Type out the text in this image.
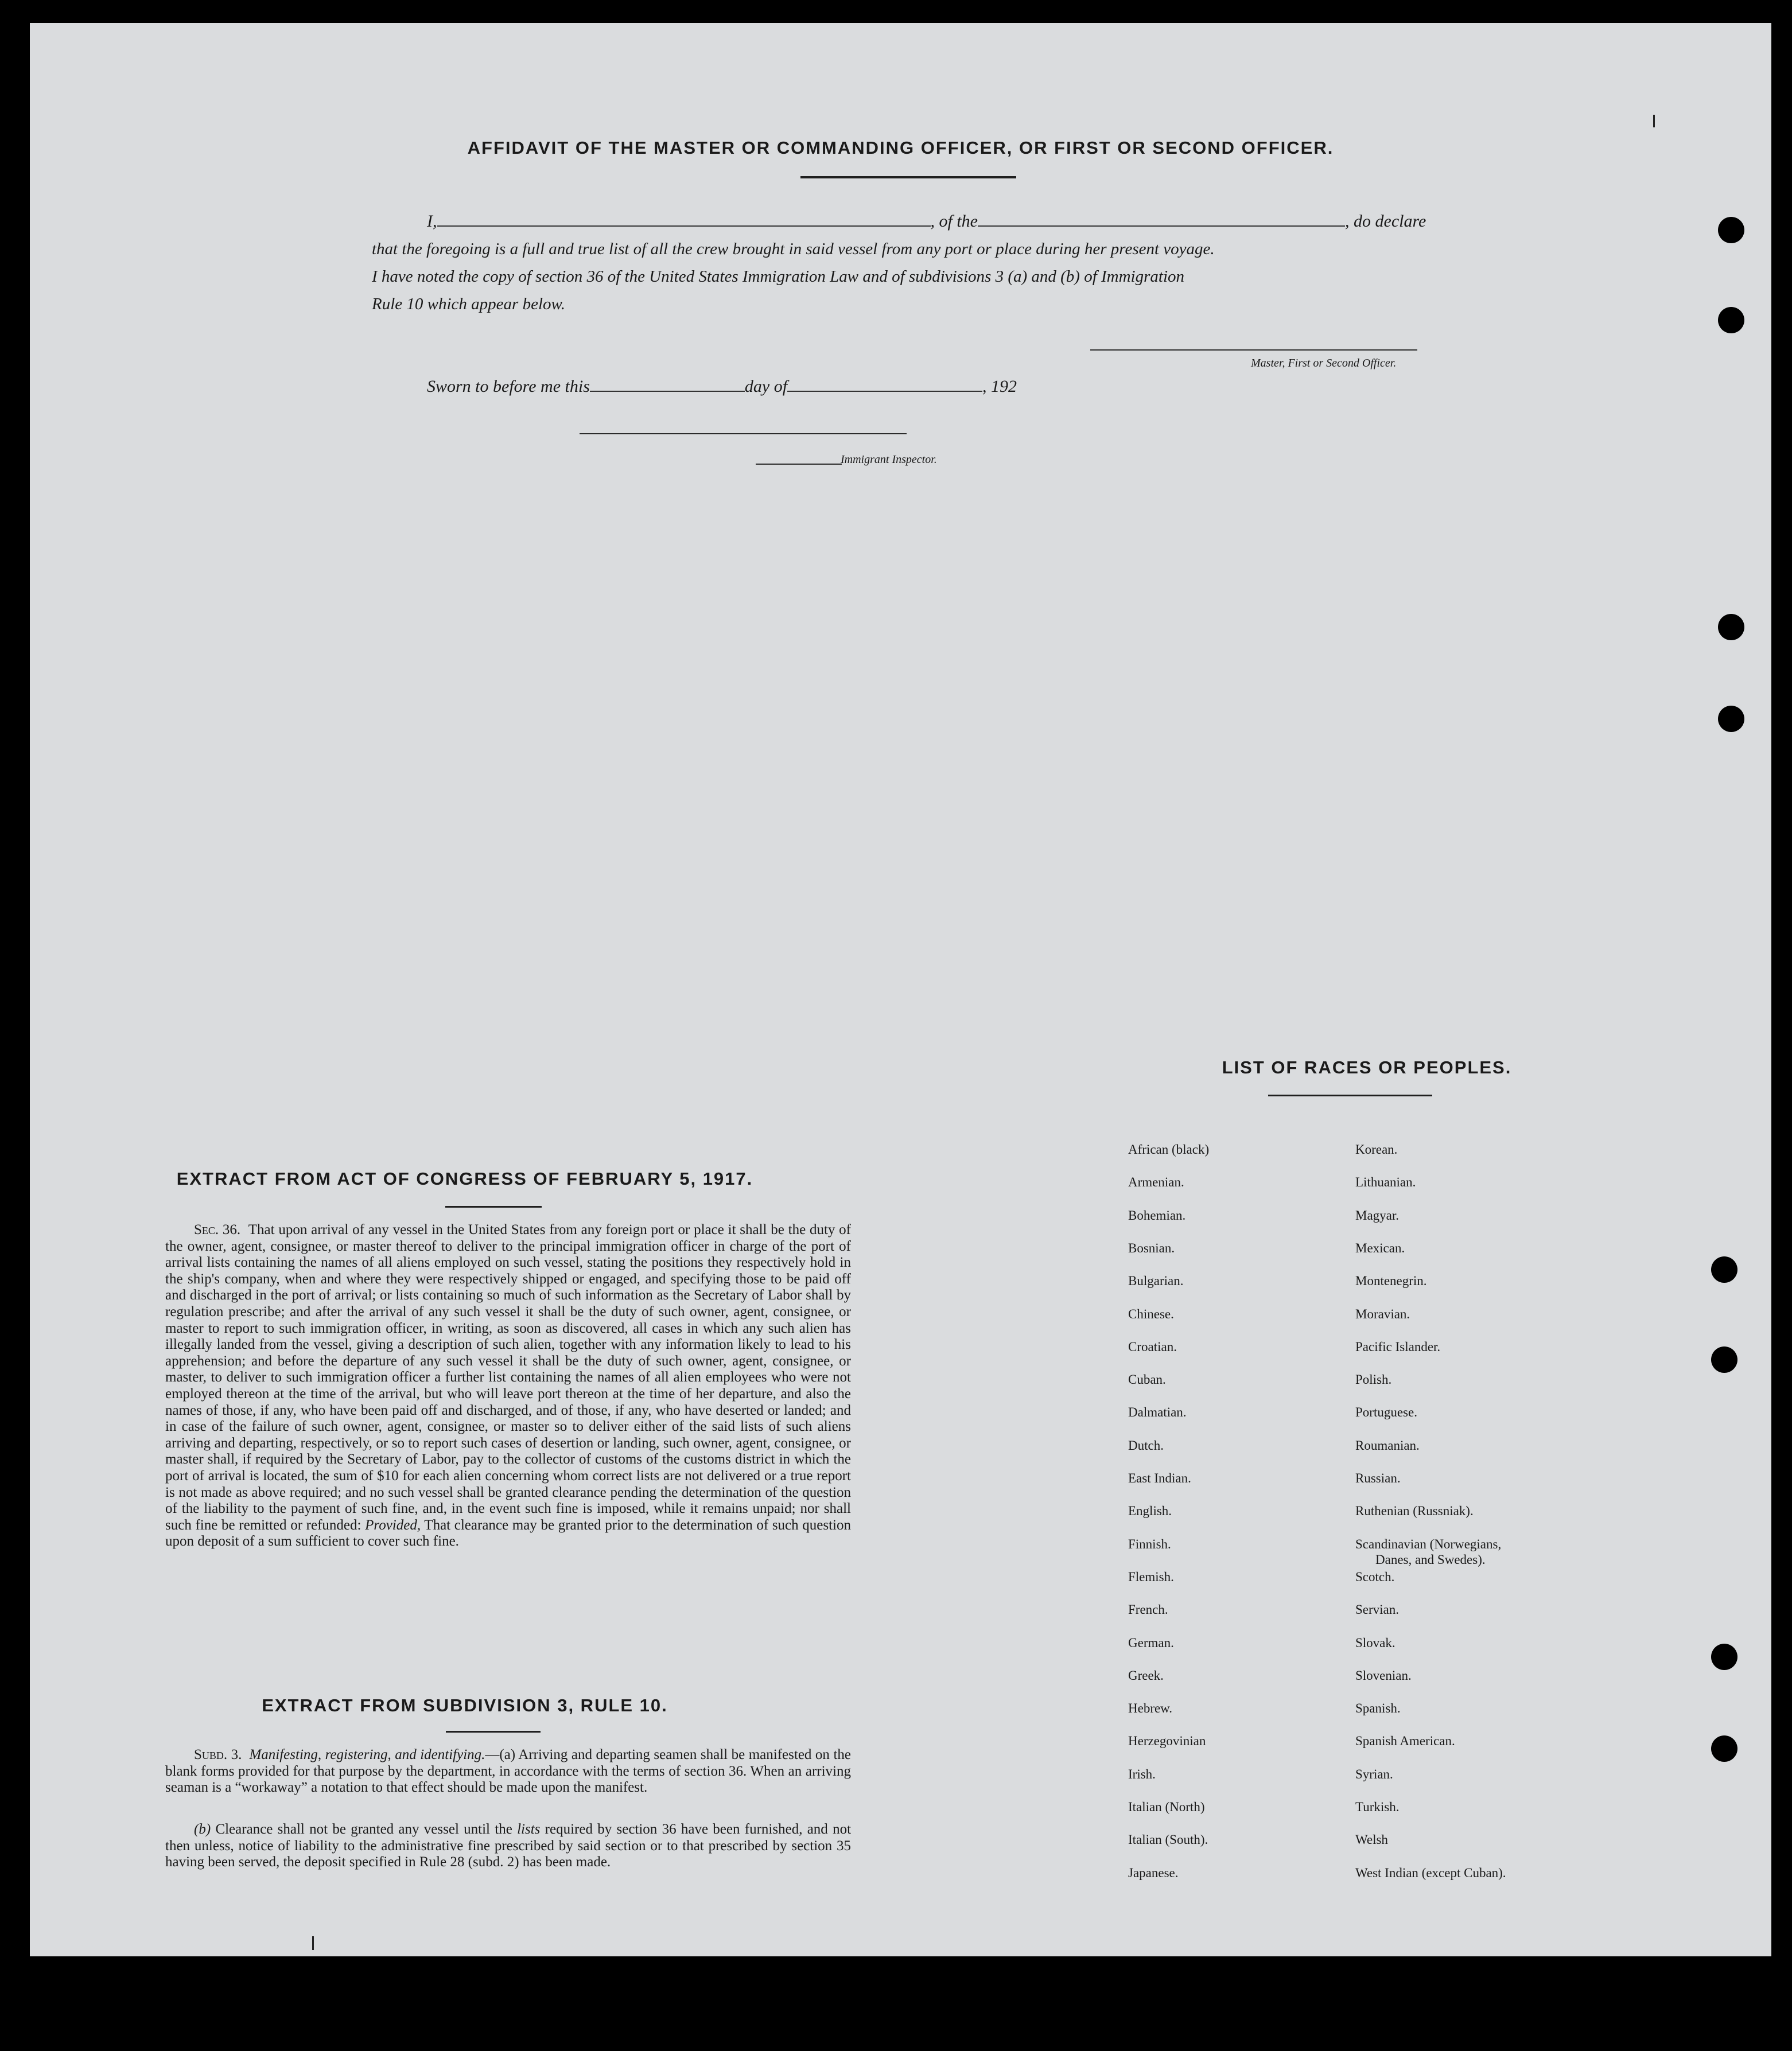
AFFIDAVIT OF THE MASTER OR COMMANDING OFFICER, OR FIRST OR SECOND OFFICER.
I,	, of the	, do declare
that the foregoing is a full and true list of all the crew brought in said vessel from any port or place during her present voyage.
I have noted the copy of section 36 of the United States Immigration Law and of subdivisions 3 (a) and (b) of Immigration
Rule 10 which appear below.
Master, First or Second Officer.
Sworn to before me this	day of	, 192
Immigrant Inspector.
EXTRACT FROM ACT OF CONGRESS OF FEBRUARY 5, 1917.

Sec. 36. That upon arrival of any vessel in the United States from any foreign port or place it shall be the duty of the owner, agent, consignee, or master thereof to deliver to the principal immigration officer in charge of the port of arrival lists containing the names of all aliens employed on such vessel, stating the positions they respectively hold in the ship's company, when and where they were respectively shipped or engaged, and specifying those to be paid off and discharged in the port of arrival; or lists containing so much of such information as the Secretary of Labor shall by regulation prescribe; and after the arrival of any such vessel it shall be the duty of such owner, agent, consignee, or master to report to such immigration officer, in writing, as soon as discovered, all cases in which any such alien has illegally landed from the vessel, giving a description of such alien, together with any information likely to lead to his apprehension; and before the departure of any such vessel it shall be the duty of such owner, agent, consignee, or master, to deliver to such immigration officer a further list containing the names of all alien employees who were not employed thereon at the time of the arrival, but who will leave port thereon at the time of her departure, and also the names of those, if any, who have been paid off and discharged, and of those, if any, who have deserted or landed; and in case of the failure of such owner, agent, consignee, or master so to deliver either of the said lists of such aliens arriving and departing, respectively, or so to report such cases of desertion or landing, such owner, agent, consignee, or master shall, if required by the Secretary of Labor, pay to the collector of customs of the customs district in which the port of arrival is located, the sum of $10 for each alien concerning whom correct lists are not delivered or a true report is not made as above required; and no such vessel shall be granted clearance pending the determination of the question of the liability to the payment of such fine, and, in the event such fine is imposed, while it remains unpaid; nor shall such fine be remitted or refunded: Provided, That clearance may be granted prior to the determination of such question upon deposit of a sum sufficient to cover such fine.

EXTRACT FROM SUBDIVISION 3, RULE 10.

Subd. 3. Manifesting, registering, and identifying.—(a) Arriving and departing seamen shall be manifested on the blank forms provided for that purpose by the department, in accordance with the terms of section 36. When an arriving seaman is a “workaway” a notation to that effect should be made upon the manifest.

(b) Clearance shall not be granted any vessel until the lists required by section 36 have been furnished, and not then unless, notice of liability to the administrative fine prescribed by said section or to that prescribed by section 35 having been served, the deposit specified in Rule 28 (subd. 2) has been made.

LIST OF RACES OR PEOPLES.
African (black)
Armenian.
Bohemian.
Bosnian.
Bulgarian.
Chinese.
Croatian.
Cuban.
Dalmatian.
Dutch.
East Indian.
English.
Finnish.
Flemish.
French.
German.
Greek.
Hebrew.
Herzegovinian
Irish.
Italian (North)
Italian (South).
Japanese.
Korean.
Lithuanian.
Magyar.
Mexican.
Montenegrin.
Moravian.
Pacific Islander.
Polish.
Portuguese.
Roumanian.
Russian.
Ruthenian (Russniak).
Scandinavian (Norwegians,
Danes, and Swedes).
Scotch.
Servian.
Slovak.
Slovenian.
Spanish.
Spanish American.
Syrian.
Turkish.
Welsh
West Indian (except Cuban).
